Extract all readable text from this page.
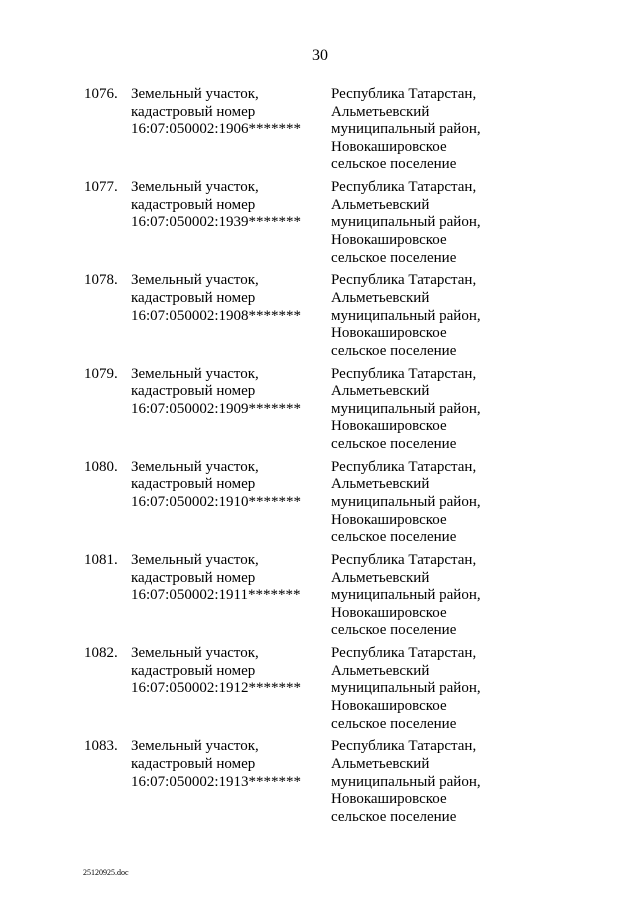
30
1076. Земельный участок,
кадастровый номер
16:07:050002:1906*******
Республика Татарстан,
Альметьевский
муниципальный район,
Новокашировское
сельское поселение
1077. Земельный участок,
кадастровый номер
16:07:050002:1939*******
Республика Татарстан,
Альметьевский
муниципальный район,
Новокашировское
сельское поселение
1078. Земельный участок,
кадастровый номер
16:07:050002:1908*******
Республика Татарстан,
Альметьевский
муниципальный район,
Новокашировское
сельское поселение
1079. Земельный участок,
кадастровый номер
16:07:050002:1909*******
Республика Татарстан,
Альметьевский
муниципальный район,
Новокашировское
сельское поселение
1080. Земельный участок,
кадастровый номер
16:07:050002:1910*******
Республика Татарстан,
Альметьевский
муниципальный район,
Новокашировское
сельское поселение
1081. Земельный участок,
кадастровый номер
16:07:050002:1911*******
Республика Татарстан,
Альметьевский
муниципальный район,
Новокашировское
сельское поселение
1082. Земельный участок,
кадастровый номер
16:07:050002:1912*******
Республика Татарстан,
Альметьевский
муниципальный район,
Новокашировское
сельское поселение
1083. Земельный участок,
кадастровый номер
16:07:050002:1913*******
Республика Татарстан,
Альметьевский
муниципальный район,
Новокашировское
сельское поселение
25120925.doc
